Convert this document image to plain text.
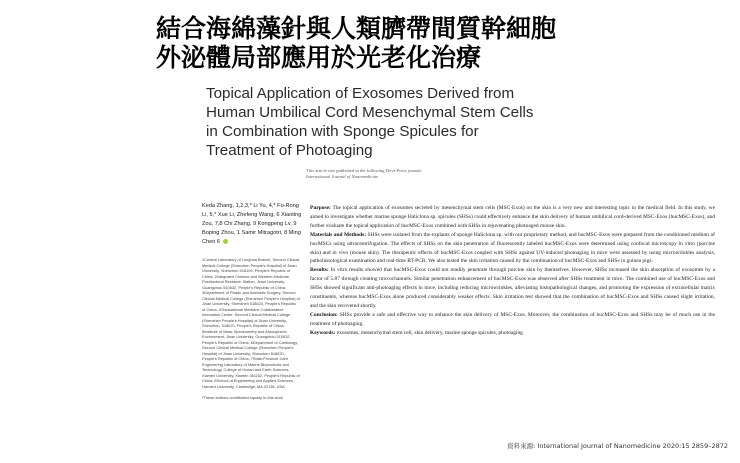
結合海綿藻針與人類臍帶間質幹細胞
外泌體局部應用於光老化治療
Topical Application of Exosomes Derived from Human Umbilical Cord Mesenchymal Stem Cells in Combination with Sponge Spicules for Treatment of Photoaging
This article was published in the following Dove Press journal:
International Journal of Nanomedicine
Keda Zhang, 1,2,3,* Li Yu, 4,* Fu-Rong Li, 5,* Xue Li, Zhefeng Wang, 6 Xiaoting Zou, 7,8 Chi Zhang, 9 Kongpeng Lv, 9 Boping Zhou, 1 Samir Mitragotri, 8 Ming Chen 6
1Central Laboratory of Longhua Branch, Second Clinical Medical College (Shenzhen People's Hospital) of Jinan University, Shenzhen 518109, People's Republic of China; 2Integrated Chinese and Western Medicine Postdoctoral Research Station, Jinan University, Guangzhou 510632, People's Republic of China; 3Department of Plastic and Aesthetic Surgery, Second Clinical Medical College (Shenzhen People's Hospital) of Jinan University, Shenzhen 518020, People's Republic of China; 4Translational Medicine Collaborative Innovation Center, Second Clinical Medical College (Shenzhen People's Hospital) of Jinan University, Shenzhen, 518020, People's Republic of China; 5Institute of Mass Spectrometry and Atmospheric Environment, Jinan University, Guangzhou 510632, People's Republic of China; 6Department of Cardiology, Second Clinical Medical College (Shenzhen People's Hospital) of Jinan University, Shenzhen 518020, People's Republic of China; 7State-Province Joint Engineering Laboratory of Marine Bioproducts and Technology, College of Ocean and Earth Sciences, Xiamen University, Xiamen 361102, People's Republic of China; 8School of Engineering and Applied Sciences, Harvard University, Cambridge, MA 02138, USA
*These authors contributed equally to this work

Purpose: The topical application of exosomes secreted by mesenchymal stem cells (MSC-Exos) on the skin is a very new and interesting topic in the medical field. In this study, we aimed to investigate whether marine sponge Haliclona sp. spicules (SHSs) could effectively enhance the skin delivery of human umbilical cord-derived MSC-Exos (hucMSC-Exos), and further evaluate the topical application of hucMSC-Exos combined with SHSs in rejuvenating photoaged mouse skin.

Materials and Methods: SHSs were isolated from the explants of sponge Haliclona sp. with our proprietary method, and hucMSC-Exos were prepared from the conditioned medium of hucMSCs using ultracentrifugation. The effects of SHSs on the skin penetration of fluorescently labeled hucMSC-Exos were determined using confocal microscopy in vitro (porcine skin) and in vivo (mouse skin). The therapeutic effects of hucMSC-Exos coupled with SHSs against UV-induced photoaging in mice were assessed by using microwrinkles analysis, pathohistological examination and real-time RT-PCR. We also tested the skin irritation caused by the combination of hucMSC-Exos and SHSs in guinea pigs.

Results: In vitro results showed that hucMSC-Exos could not readily penetrate through porcine skin by themselves. However, SHSs increased the skin absorption of exosomes by a factor of 5.87 through creating microchannels. Similar penetration enhancement of hucMSC-Exos was observed after SHSs treatment in mice. The combined use of hucMSC-Exos and SHSs showed significant anti-photoaging effects in mice, including reducing microwrinkles, alleviating histopathological changes, and promoting the expression of extracellular matrix constituents, whereas hucMSC-Exos alone produced considerably weaker effects. Skin irritation test showed that the combination of hucMSC-Exos and SHSs caused slight irritation, and the skin recovered shortly.

Conclusion: SHSs provide a safe and effective way to enhance the skin delivery of MSC-Exos. Moreover, the combination of hucMSC-Exos and SHSs may be of much use in the treatment of photoaging.

Keywords: exosomes, mesenchymal stem cell, skin delivery, marine sponge spicules, photoaging

資料來源: International Journal of Nanomedicine 2020:15 2859–2872
